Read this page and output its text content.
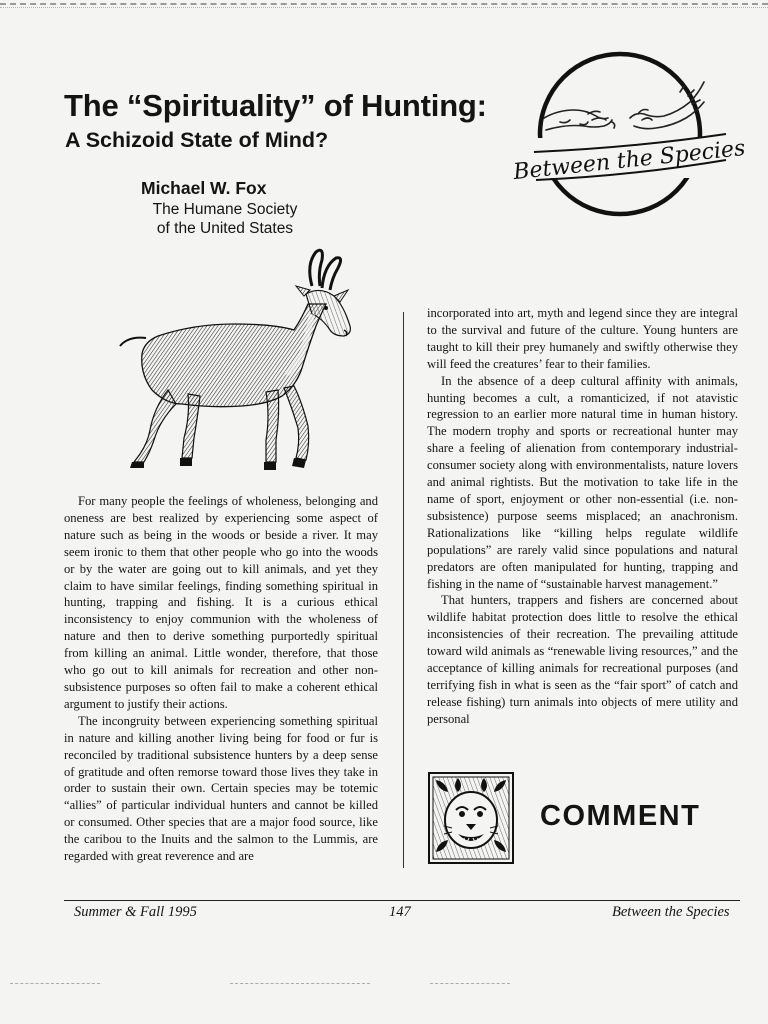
The “Spirituality” of Hunting:
A Schizoid State of Mind?
Michael W. Fox
The Humane Society
of the United States
Between the Species

For many people the feelings of wholeness, belonging and oneness are best realized by experiencing some aspect of nature such as being in the woods or beside a river. It may seem ironic to them that other people who go into the woods or by the water are going out to kill animals, and yet they claim to have similar feelings, finding something spiritual in hunting, trapping and fishing. It is a curious ethical inconsistency to enjoy communion with the wholeness of nature and then to derive something purportedly spiritual from killing an animal. Little wonder, therefore, that those who go out to kill animals for recreation and other non-subsistence purposes so often fail to make a coherent ethical argument to justify their actions.

The incongruity between experiencing something spiritual in nature and killing another living being for food or fur is reconciled by traditional subsistence hunters by a deep sense of gratitude and often remorse toward those lives they take in order to sustain their own. Certain species may be totemic “allies” of particular individual hunters and cannot be killed or consumed. Other species that are a major food source, like the caribou to the Inuits and the salmon to the Lummis, are regarded with great reverence and are

incorporated into art, myth and legend since they are integral to the survival and future of the culture. Young hunters are taught to kill their prey humanely and swiftly otherwise they will feed the creatures’ fear to their families.

In the absence of a deep cultural affinity with animals, hunting becomes a cult, a romanticized, if not atavistic regression to an earlier more natural time in human history. The modern trophy and sports or recreational hunter may share a feeling of alienation from contemporary industrial-consumer society along with environmentalists, nature lovers and animal rightists. But the motivation to take life in the name of sport, enjoyment or other non-essential (i.e. non-subsistence) purpose seems misplaced; an anachronism. Rationalizations like “killing helps regulate wildlife populations” are rarely valid since populations and natural predators are often manipulated for hunting, trapping and fishing in the name of “sustainable harvest management.”

That hunters, trappers and fishers are concerned about wildlife habitat protection does little to resolve the ethical inconsistencies of their recreation. The prevailing attitude toward wild animals as “renewable living resources,” and the acceptance of killing animals for recreational purposes (and terrifying fish in what is seen as the “fair sport” of catch and release fishing) turn animals into objects of mere utility and personal

COMMENT
Summer & Fall 1995	147	Between the Species
